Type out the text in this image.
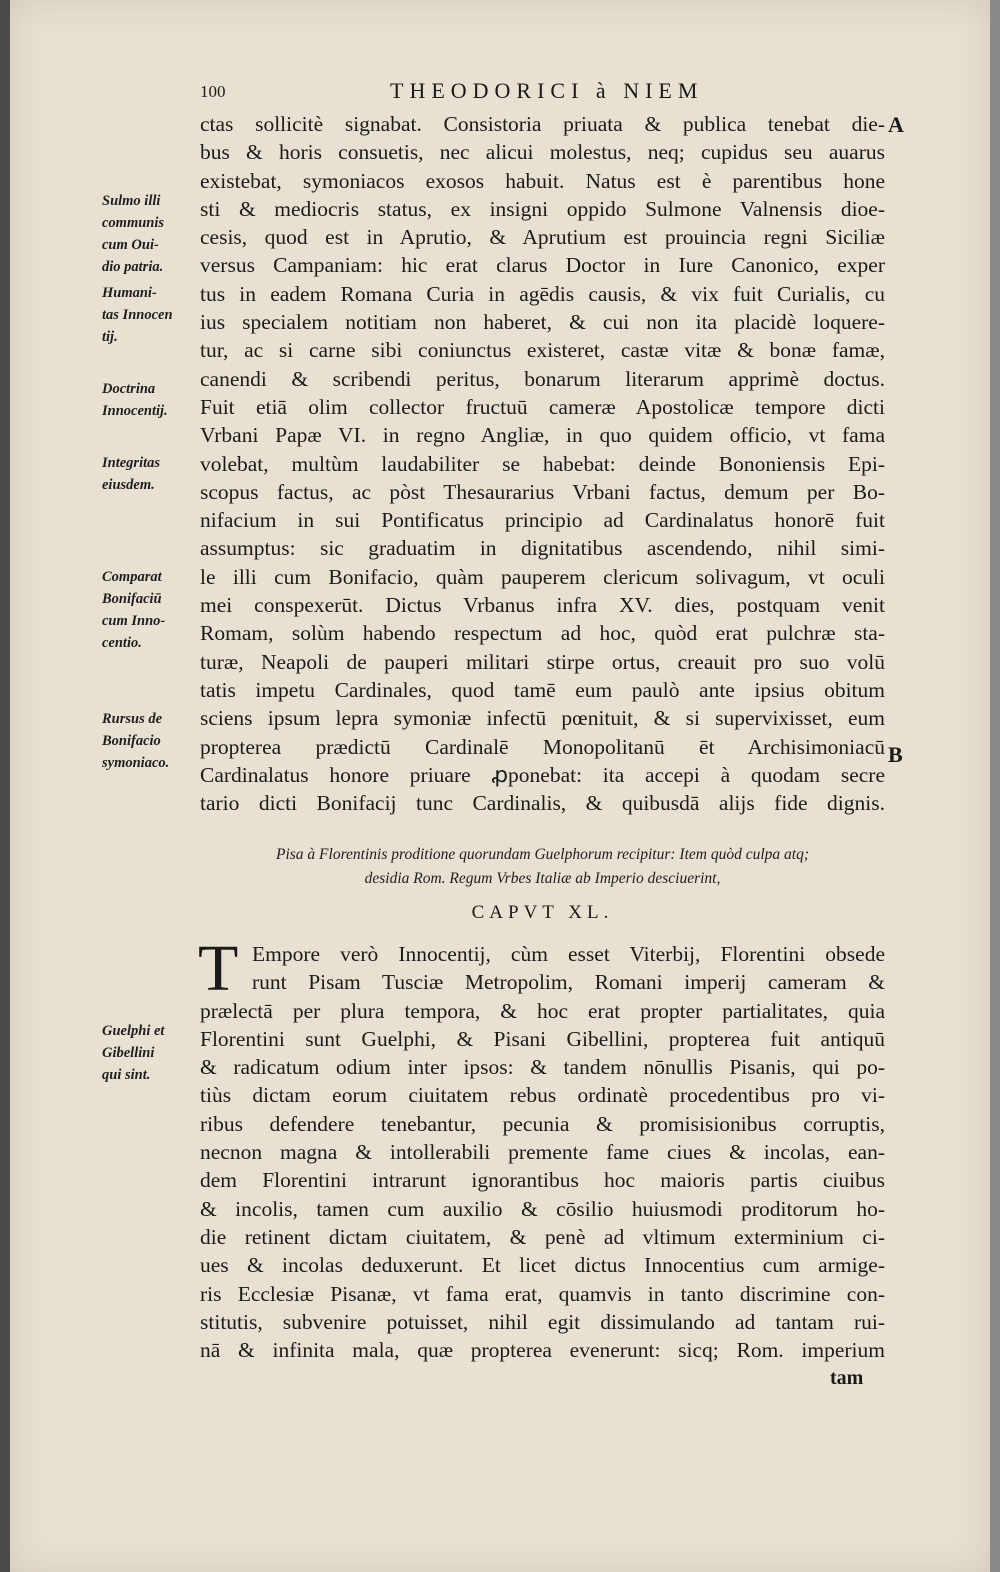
100	THEODORICI à NIEM
A
B
Sulmo illi
communis
cum Oui-
dio patria.
Humani-
tas Innocen
tij.
Doctrina
Innocentij.
Integritas
eiusdem.
Comparat
Bonifaciū
cum Inno-
centio.
Rursus de
Bonifacio
symoniaco.
ctas sollicitè signabat. Consistoria priuata & publica tenebat die-
bus & horis consuetis, nec alicui molestus, neq; cupidus seu auarus
existebat, symoniacos exosos habuit. Natus est è parentibus hone
sti & mediocris status, ex insigni oppido Sulmone Valnensis dioe-
cesis, quod est in Aprutio, & Aprutium est prouincia regni Siciliæ
versus Campaniam: hic erat clarus Doctor in Iure Canonico, exper
tus in eadem Romana Curia in agēdis causis, & vix fuit Curialis, cu
ius specialem notitiam non haberet, & cui non ita placidè loquere-
tur, ac si carne sibi coniunctus existeret, castæ vitæ & bonæ famæ,
canendi & scribendi peritus, bonarum literarum apprimè doctus.
Fuit etiā olim collector fructuū cameræ Apostolicæ tempore dicti
Vrbani Papæ VI. in regno Angliæ, in quo quidem officio, vt fama
volebat, multùm laudabiliter se habebat: deinde Bononiensis Epi-
scopus factus, ac pòst Thesaurarius Vrbani factus, demum per Bo-
nifacium in sui Pontificatus principio ad Cardinalatus honorē fuit
assumptus: sic graduatim in dignitatibus ascendendo, nihil simi-
le illi cum Bonifacio, quàm pauperem clericum solivagum, vt oculi
mei conspexerūt. Dictus Vrbanus infra XV. dies, postquam venit
Romam, solùm habendo respectum ad hoc, quòd erat pulchræ sta-
turæ, Neapoli de pauperi militari stirpe ortus, creauit pro suo volū
tatis impetu Cardinales, quod tamē eum paulò ante ipsius obitum
sciens ipsum lepra symoniæ infectū pœnituit, & si supervixisset, eum
propterea prædictū Cardinalē Monopolitanū ēt Archisimoniacū
Cardinalatus honore priuare ꝓponebat: ita accepi à quodam secre
tario dicti Bonifacij tunc Cardinalis, & quibusdā alijs fide dignis.
Pisa à Florentinis proditione quorundam Guelphorum recipitur: Item quòd culpa atq;
desidia Rom. Regum Vrbes Italiæ ab Imperio desciuerint,
CAPVT XL.
T
Guelphi et
Gibellini
qui sint.
Empore verò Innocentij, cùm esset Viterbij, Florentini obsede
runt Pisam Tusciæ Metropolim, Romani imperij cameram &
prælectā per plura tempora, & hoc erat propter partialitates, quia
Florentini sunt Guelphi, & Pisani Gibellini, propterea fuit antiquū
& radicatum odium inter ipsos: & tandem nōnullis Pisanis, qui po-
tiùs dictam eorum ciuitatem rebus ordinatè procedentibus pro vi-
ribus defendere tenebantur, pecunia & promisisionibus corruptis,
necnon magna & intollerabili premente fame ciues & incolas, ean-
dem Florentini intrarunt ignorantibus hoc maioris partis ciuibus
& incolis, tamen cum auxilio & cōsilio huiusmodi proditorum ho-
die retinent dictam ciuitatem, & penè ad vltimum exterminium ci-
ues & incolas deduxerunt. Et licet dictus Innocentius cum armige-
ris Ecclesiæ Pisanæ, vt fama erat, quamvis in tanto discrimine con-
stitutis, subvenire potuisset, nihil egit dissimulando ad tantam rui-
nā & infinita mala, quæ propterea evenerunt: sicq; Rom. imperium
tam
